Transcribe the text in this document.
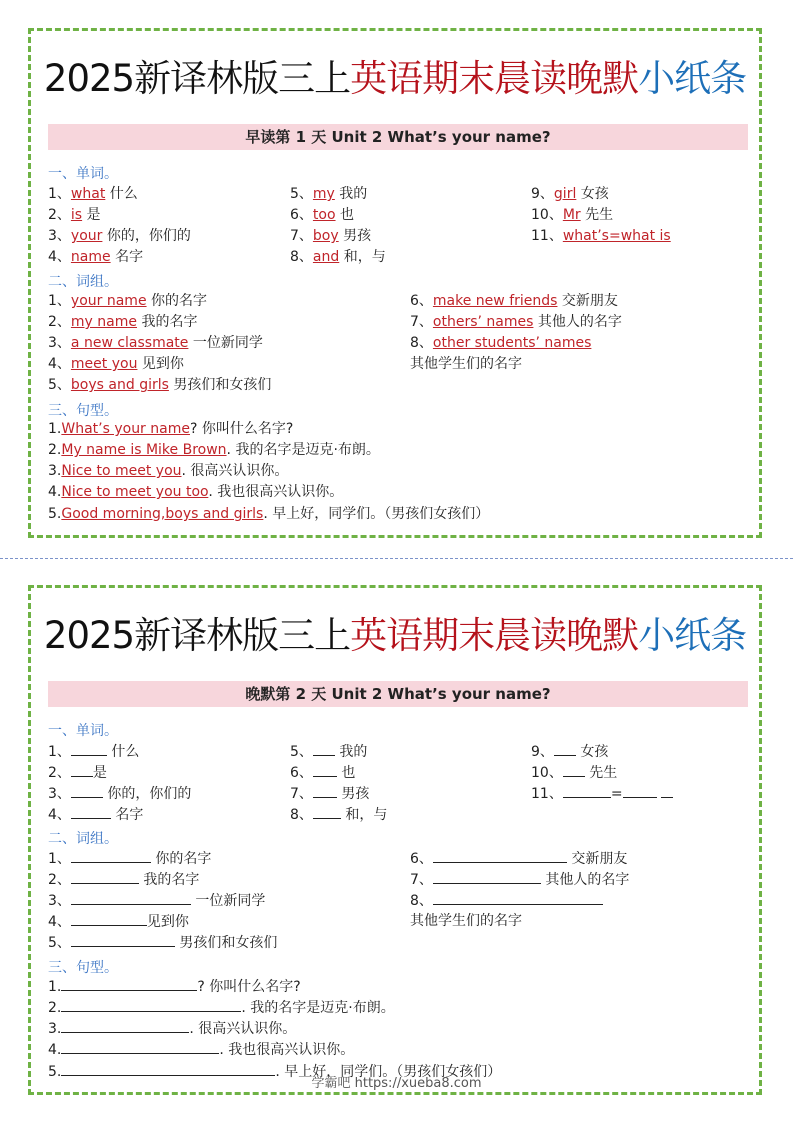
2025新译林版三上英语期末晨读晚默小纸条
早读第 1 天 Unit 2 What’s your name?
一、单词。
1、what 什么
2、is 是
3、your 你的，你们的
4、name 名字
5、my 我的
6、too 也
7、boy 男孩
8、and 和，与
9、girl 女孩
10、Mr 先生
11、what’s=what is
二、词组。
1、your name 你的名字
2、my name 我的名字
3、a new classmate 一位新同学
4、meet you 见到你
5、boys and girls 男孩们和女孩们
6、make new friends 交新朋友
7、others’ names 其他人的名字
8、other students’ names
其他学生们的名字
三、句型。
1.What’s your name? 你叫什么名字?
2.My name is Mike Brown. 我的名字是迈克·布朗。
3.Nice to meet you. 很高兴认识你。
4.Nice to meet you too. 我也很高兴认识你。
5.Good morning,boys and girls. 早上好，同学们。（男孩们女孩们）
2025新译林版三上英语期末晨读晚默小纸条
晚默第 2 天 Unit 2 What’s your name?
一、单词。
1、	什么
2、 是
3、 你的，你们的
4、	名字
5、 我的
6、 也
7、 男孩
8、 和，与
9、 女孩
10、 先生
11、	=
二、词组。
1、	你的名字
2、	我的名字
3、	一位新同学
4、	见到你
5、	男孩们和女孩们
6、	交新朋友
7、	其他人的名字
8、
其他学生们的名字
三、句型。
1.	? 你叫什么名字?
2.	. 我的名字是迈克·布朗。
3.	. 很高兴认识你。
4.	. 我也很高兴认识你。
5.	. 早上好，同学们。（男孩们女孩们）
学霸吧 https://xueba8.com
